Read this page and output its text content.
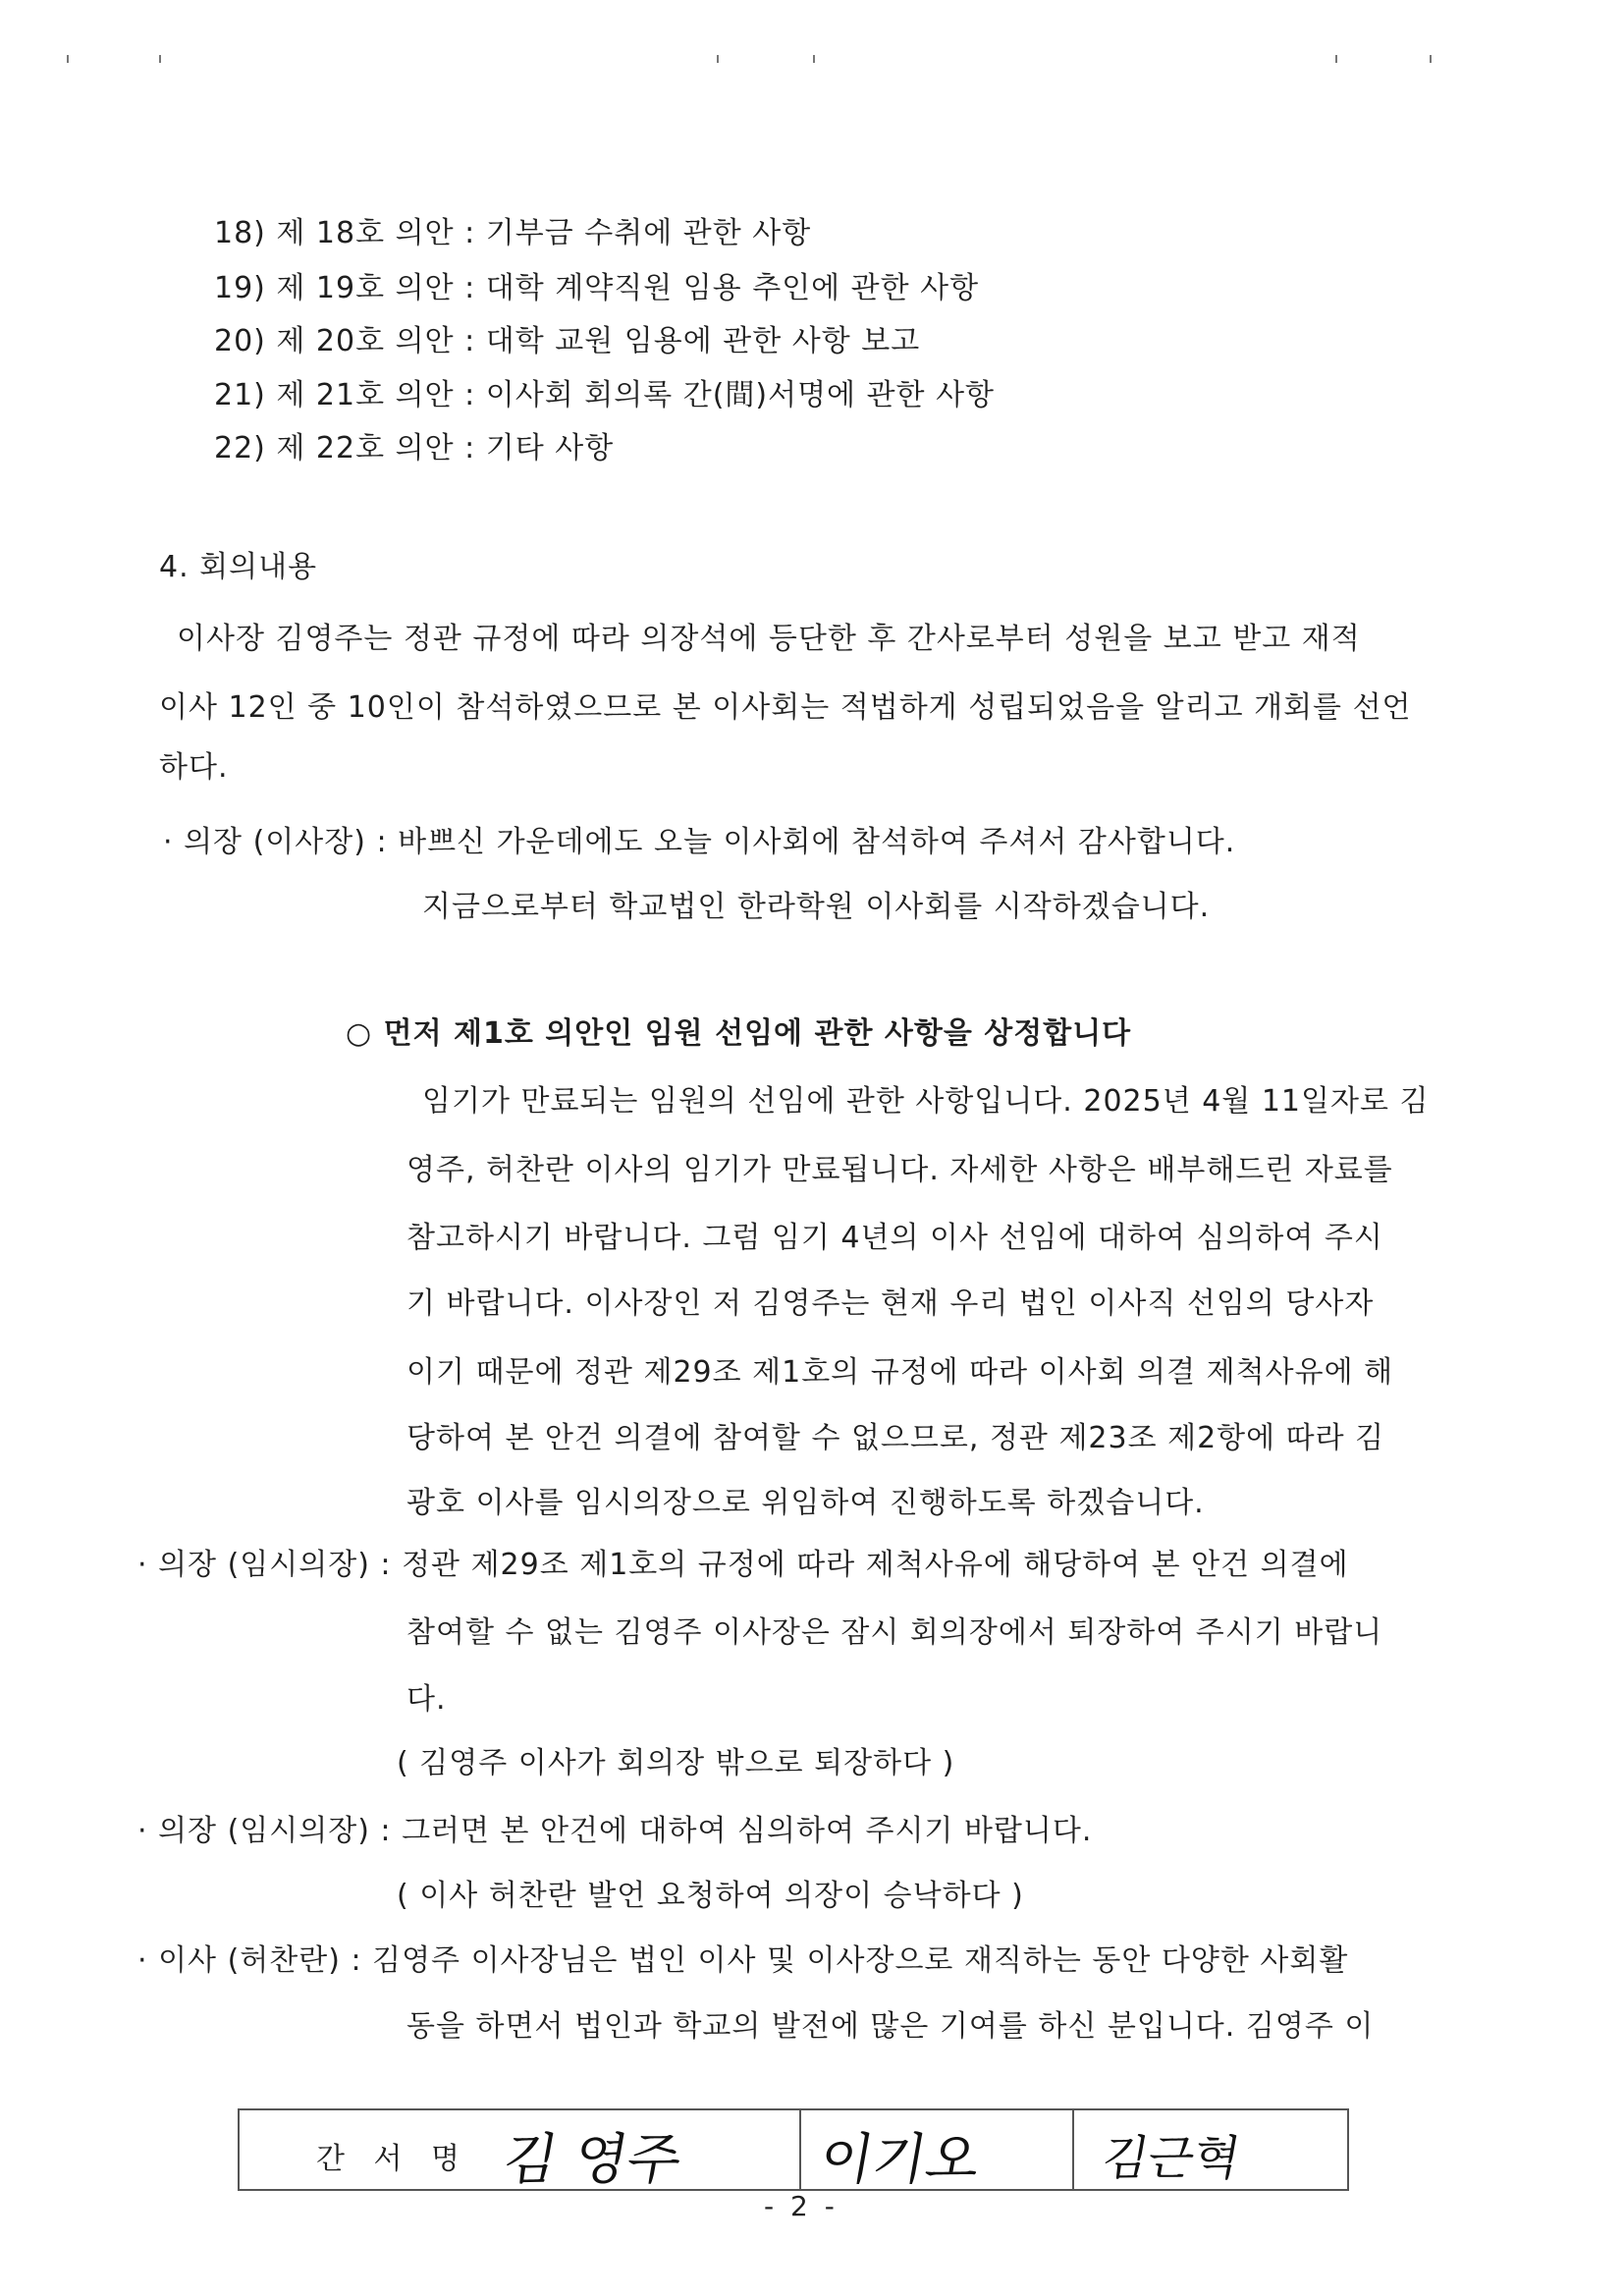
18) 제 18호 의안 : 기부금 수취에 관한 사항
19) 제 19호 의안 : 대학 계약직원 임용 추인에 관한 사항
20) 제 20호 의안 : 대학 교원 임용에 관한 사항 보고
21) 제 21호 의안 : 이사회 회의록 간(間)서명에 관한 사항
22) 제 22호 의안 : 기타 사항
4. 회의내용
이사장 김영주는 정관 규정에 따라 의장석에 등단한 후 간사로부터 성원을 보고 받고 재적
이사 12인 중 10인이 참석하였으므로 본 이사회는 적법하게 성립되었음을 알리고 개회를 선언
하다.
· 의장 (이사장) : 바쁘신 가운데에도 오늘 이사회에 참석하여 주셔서 감사합니다.
지금으로부터 학교법인 한라학원 이사회를 시작하겠습니다.
○ 먼저 제1호 의안인 임원 선임에 관한 사항을 상정합니다
임기가 만료되는 임원의 선임에 관한 사항입니다. 2025년 4월 11일자로 김
영주, 허찬란 이사의 임기가 만료됩니다. 자세한 사항은 배부해드린 자료를
참고하시기 바랍니다. 그럼 임기 4년의 이사 선임에 대하여 심의하여 주시
기 바랍니다. 이사장인 저 김영주는 현재 우리 법인 이사직 선임의 당사자
이기 때문에 정관 제29조 제1호의 규정에 따라 이사회 의결 제척사유에 해
당하여 본 안건 의결에 참여할 수 없으므로, 정관 제23조 제2항에 따라 김
광호 이사를 임시의장으로 위임하여 진행하도록 하겠습니다.
· 의장 (임시의장) : 정관 제29조 제1호의 규정에 따라 제척사유에 해당하여 본 안건 의결에
참여할 수 없는 김영주 이사장은 잠시 회의장에서 퇴장하여 주시기 바랍니
다.
( 김영주 이사가 회의장 밖으로 퇴장하다 )
· 의장 (임시의장) : 그러면 본 안건에 대하여 심의하여 주시기 바랍니다.
( 이사 허찬란 발언 요청하여 의장이 승낙하다 )
· 이사 (허찬란) : 김영주 이사장님은 법인 이사 및 이사장으로 재직하는 동안 다양한 사회활
동을 하면서 법인과 학교의 발전에 많은 기여를 하신 분입니다. 김영주 이
간 서 명 김 영주 이기오 김근혁
- 2 -
